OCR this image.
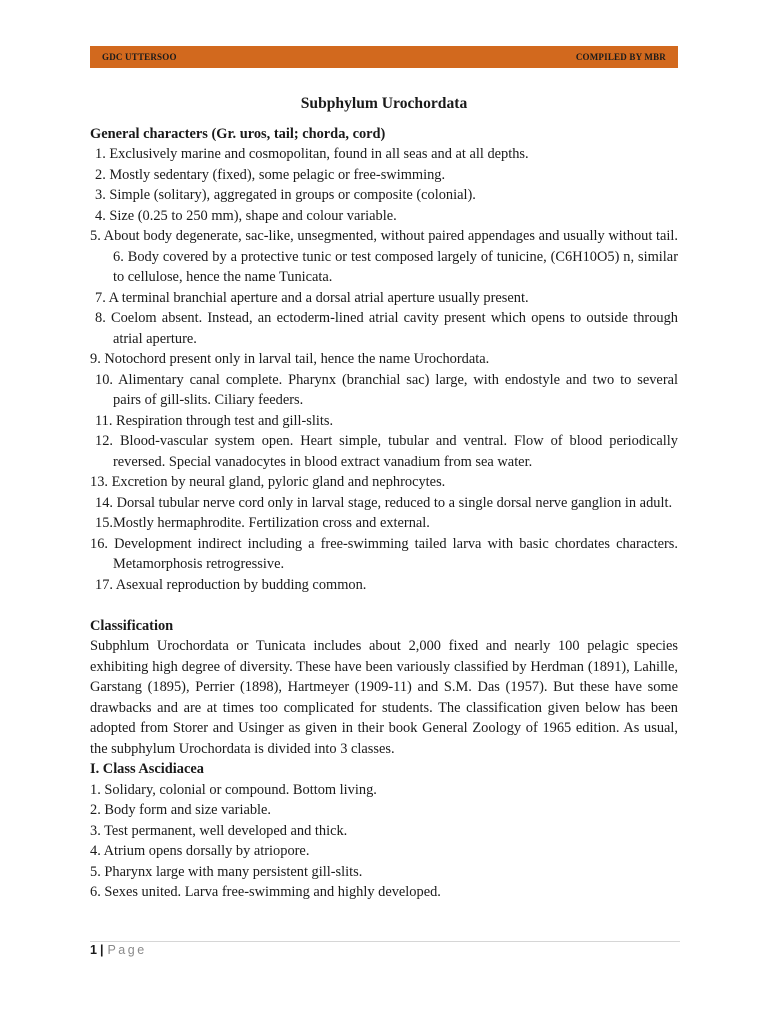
GDC UTTERSOO	COMPILED BY MBR
Subphylum Urochordata
General characters (Gr. uros, tail; chorda, cord)
1. Exclusively marine and cosmopolitan, found in all seas and at all depths.
2. Mostly sedentary (fixed), some pelagic or free-swimming.
3. Simple (solitary), aggregated in groups or composite (colonial).
4. Size (0.25 to 250 mm), shape and colour variable.
5. About body degenerate, sac-like, unsegmented, without paired appendages and usually without tail. 6. Body covered by a protective tunic or test composed largely of tunicine, (C6H10O5) n, similar to cellulose, hence the name Tunicata.
7. A terminal branchial aperture and a dorsal atrial aperture usually present.
8. Coelom absent. Instead, an ectoderm-lined atrial cavity present which opens to outside through atrial aperture.
9. Notochord present only in larval tail, hence the name Urochordata.
10. Alimentary canal complete. Pharynx (branchial sac) large, with endostyle and two to several pairs of gill-slits. Ciliary feeders.
11. Respiration through test and gill-slits.
12. Blood-vascular system open. Heart simple, tubular and ventral. Flow of blood periodically reversed. Special vanadocytes in blood extract vanadium from sea water.
13. Excretion by neural gland, pyloric gland and nephrocytes.
14. Dorsal tubular nerve cord only in larval stage, reduced to a single dorsal nerve ganglion in adult.
15.Mostly hermaphrodite. Fertilization cross and external.
16. Development indirect including a free-swimming tailed larva with basic chordates characters. Metamorphosis retrogressive.
17. Asexual reproduction by budding common.
Classification

Subphlum Urochordata or Tunicata includes about 2,000 fixed and nearly 100 pelagic species exhibiting high degree of diversity. These have been variously classified by Herdman (1891), Lahille, Garstang (1895), Perrier (1898), Hartmeyer (1909-11) and S.M. Das (1957). But these have some drawbacks and are at times too complicated for students. The classification given below has been adopted from Storer and Usinger as given in their book General Zoology of 1965 edition. As usual, the subphylum Urochordata is divided into 3 classes.

I. Class Ascidiacea
1. Solidary, colonial or compound. Bottom living.
2. Body form and size variable.
3. Test permanent, well developed and thick.
4. Atrium opens dorsally by atriopore.
5. Pharynx large with many persistent gill-slits.
6. Sexes united. Larva free-swimming and highly developed.
1 | Page
